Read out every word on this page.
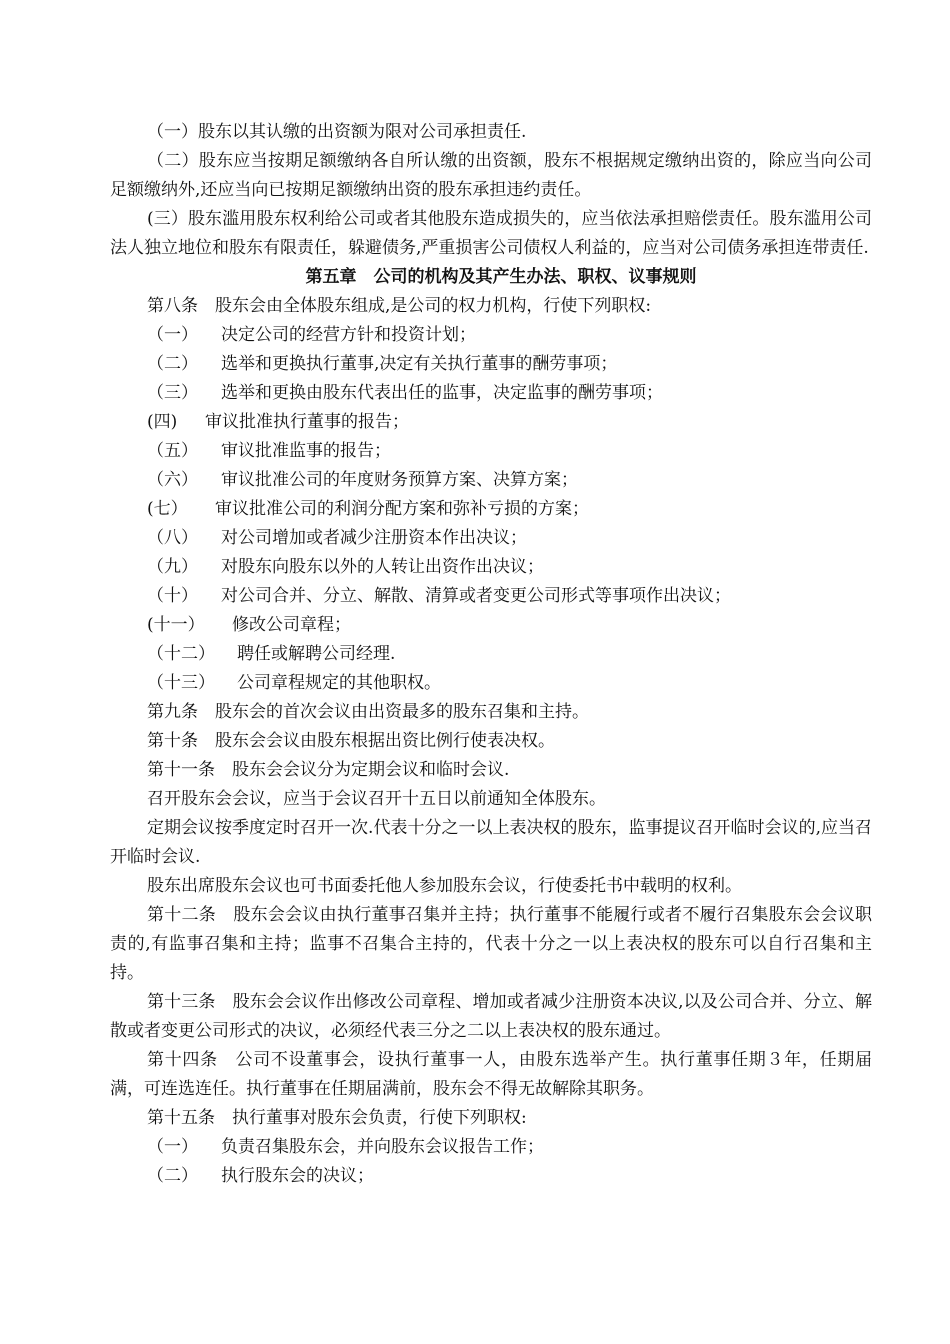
（一）股东以其认缴的出资额为限对公司承担责任.

（二）股东应当按期足额缴纳各自所认缴的出资额，股东不根据规定缴纳出资的，除应当向公司足额缴纳外,还应当向已按期足额缴纳出资的股东承担违约责任。

(三）股东滥用股东权利给公司或者其他股东造成损失的，应当依法承担赔偿责任。股东滥用公司法人独立地位和股东有限责任，躲避债务,严重损害公司债权人利益的，应当对公司债务承担连带责任.

第五章　公司的机构及其产生办法、职权、议事规则

第八条　股东会由全体股东组成,是公司的权力机构，行使下列职权:

（一） 决定公司的经营方针和投资计划；

（二） 选举和更换执行董事,决定有关执行董事的酬劳事项；

（三） 选举和更换由股东代表出任的监事，决定监事的酬劳事项；

(四) 审议批准执行董事的报告；

（五） 审议批准监事的报告；

（六） 审议批准公司的年度财务预算方案、决算方案；

(七） 审议批准公司的利润分配方案和弥补亏损的方案；

（八） 对公司增加或者减少注册资本作出决议；

（九） 对股东向股东以外的人转让出资作出决议；

（十） 对公司合并、分立、解散、清算或者变更公司形式等事项作出决议；

(十一） 修改公司章程；

（十二） 聘任或解聘公司经理.

（十三） 公司章程规定的其他职权。

第九条　股东会的首次会议由出资最多的股东召集和主持。

第十条　股东会会议由股东根据出资比例行使表决权。

第十一条　股东会会议分为定期会议和临时会议.

召开股东会会议，应当于会议召开十五日以前通知全体股东。

定期会议按季度定时召开一次.代表十分之一以上表决权的股东，监事提议召开临时会议的,应当召开临时会议.

股东出席股东会议也可书面委托他人参加股东会议，行使委托书中载明的权利。

第十二条　股东会会议由执行董事召集并主持；执行董事不能履行或者不履行召集股东会会议职责的,有监事召集和主持；监事不召集合主持的，代表十分之一以上表决权的股东可以自行召集和主持。

第十三条　股东会会议作出修改公司章程、增加或者减少注册资本决议,以及公司合并、分立、解散或者变更公司形式的决议，必须经代表三分之二以上表决权的股东通过。

第十四条　公司不设董事会，设执行董事一人，由股东选举产生。执行董事任期３年，任期届满，可连选连任。执行董事在任期届满前，股东会不得无故解除其职务。

第十五条　执行董事对股东会负责，行使下列职权:

（一） 负责召集股东会，并向股东会议报告工作；

（二） 执行股东会的决议；
